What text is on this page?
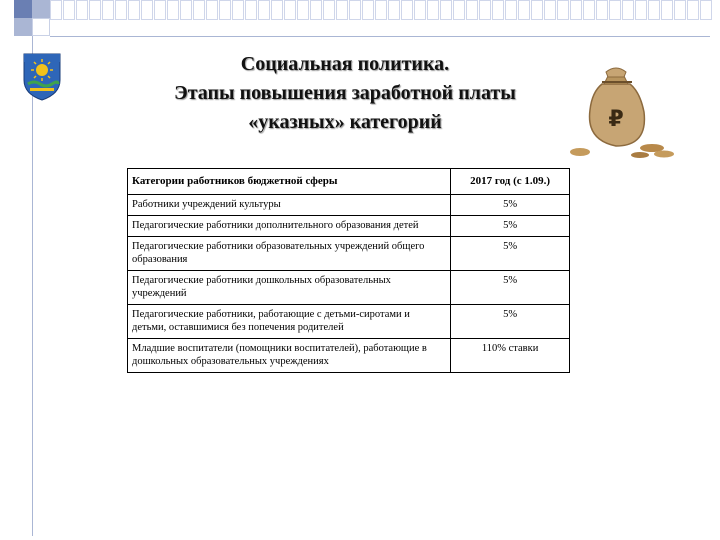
Социальная политика.
Этапы повышения заработной платы
«указных» категорий	₽
Категории работников бюджетной сферы	2017 год (с 1.09.)
Работники учреждений культуры	5%
Педагогические работники дополнительного образования детей	5%
Педагогические работники образовательных учреждений общего образования	5%
Педагогические работники дошкольных образовательных учреждений	5%
Педагогические работники, работающие с детьми-сиротами и детьми, оставшимися без попечения родителей	5%
Младшие воспитатели (помощники воспитателей), работающие в дошкольных образовательных учреждениях	110% ставки
